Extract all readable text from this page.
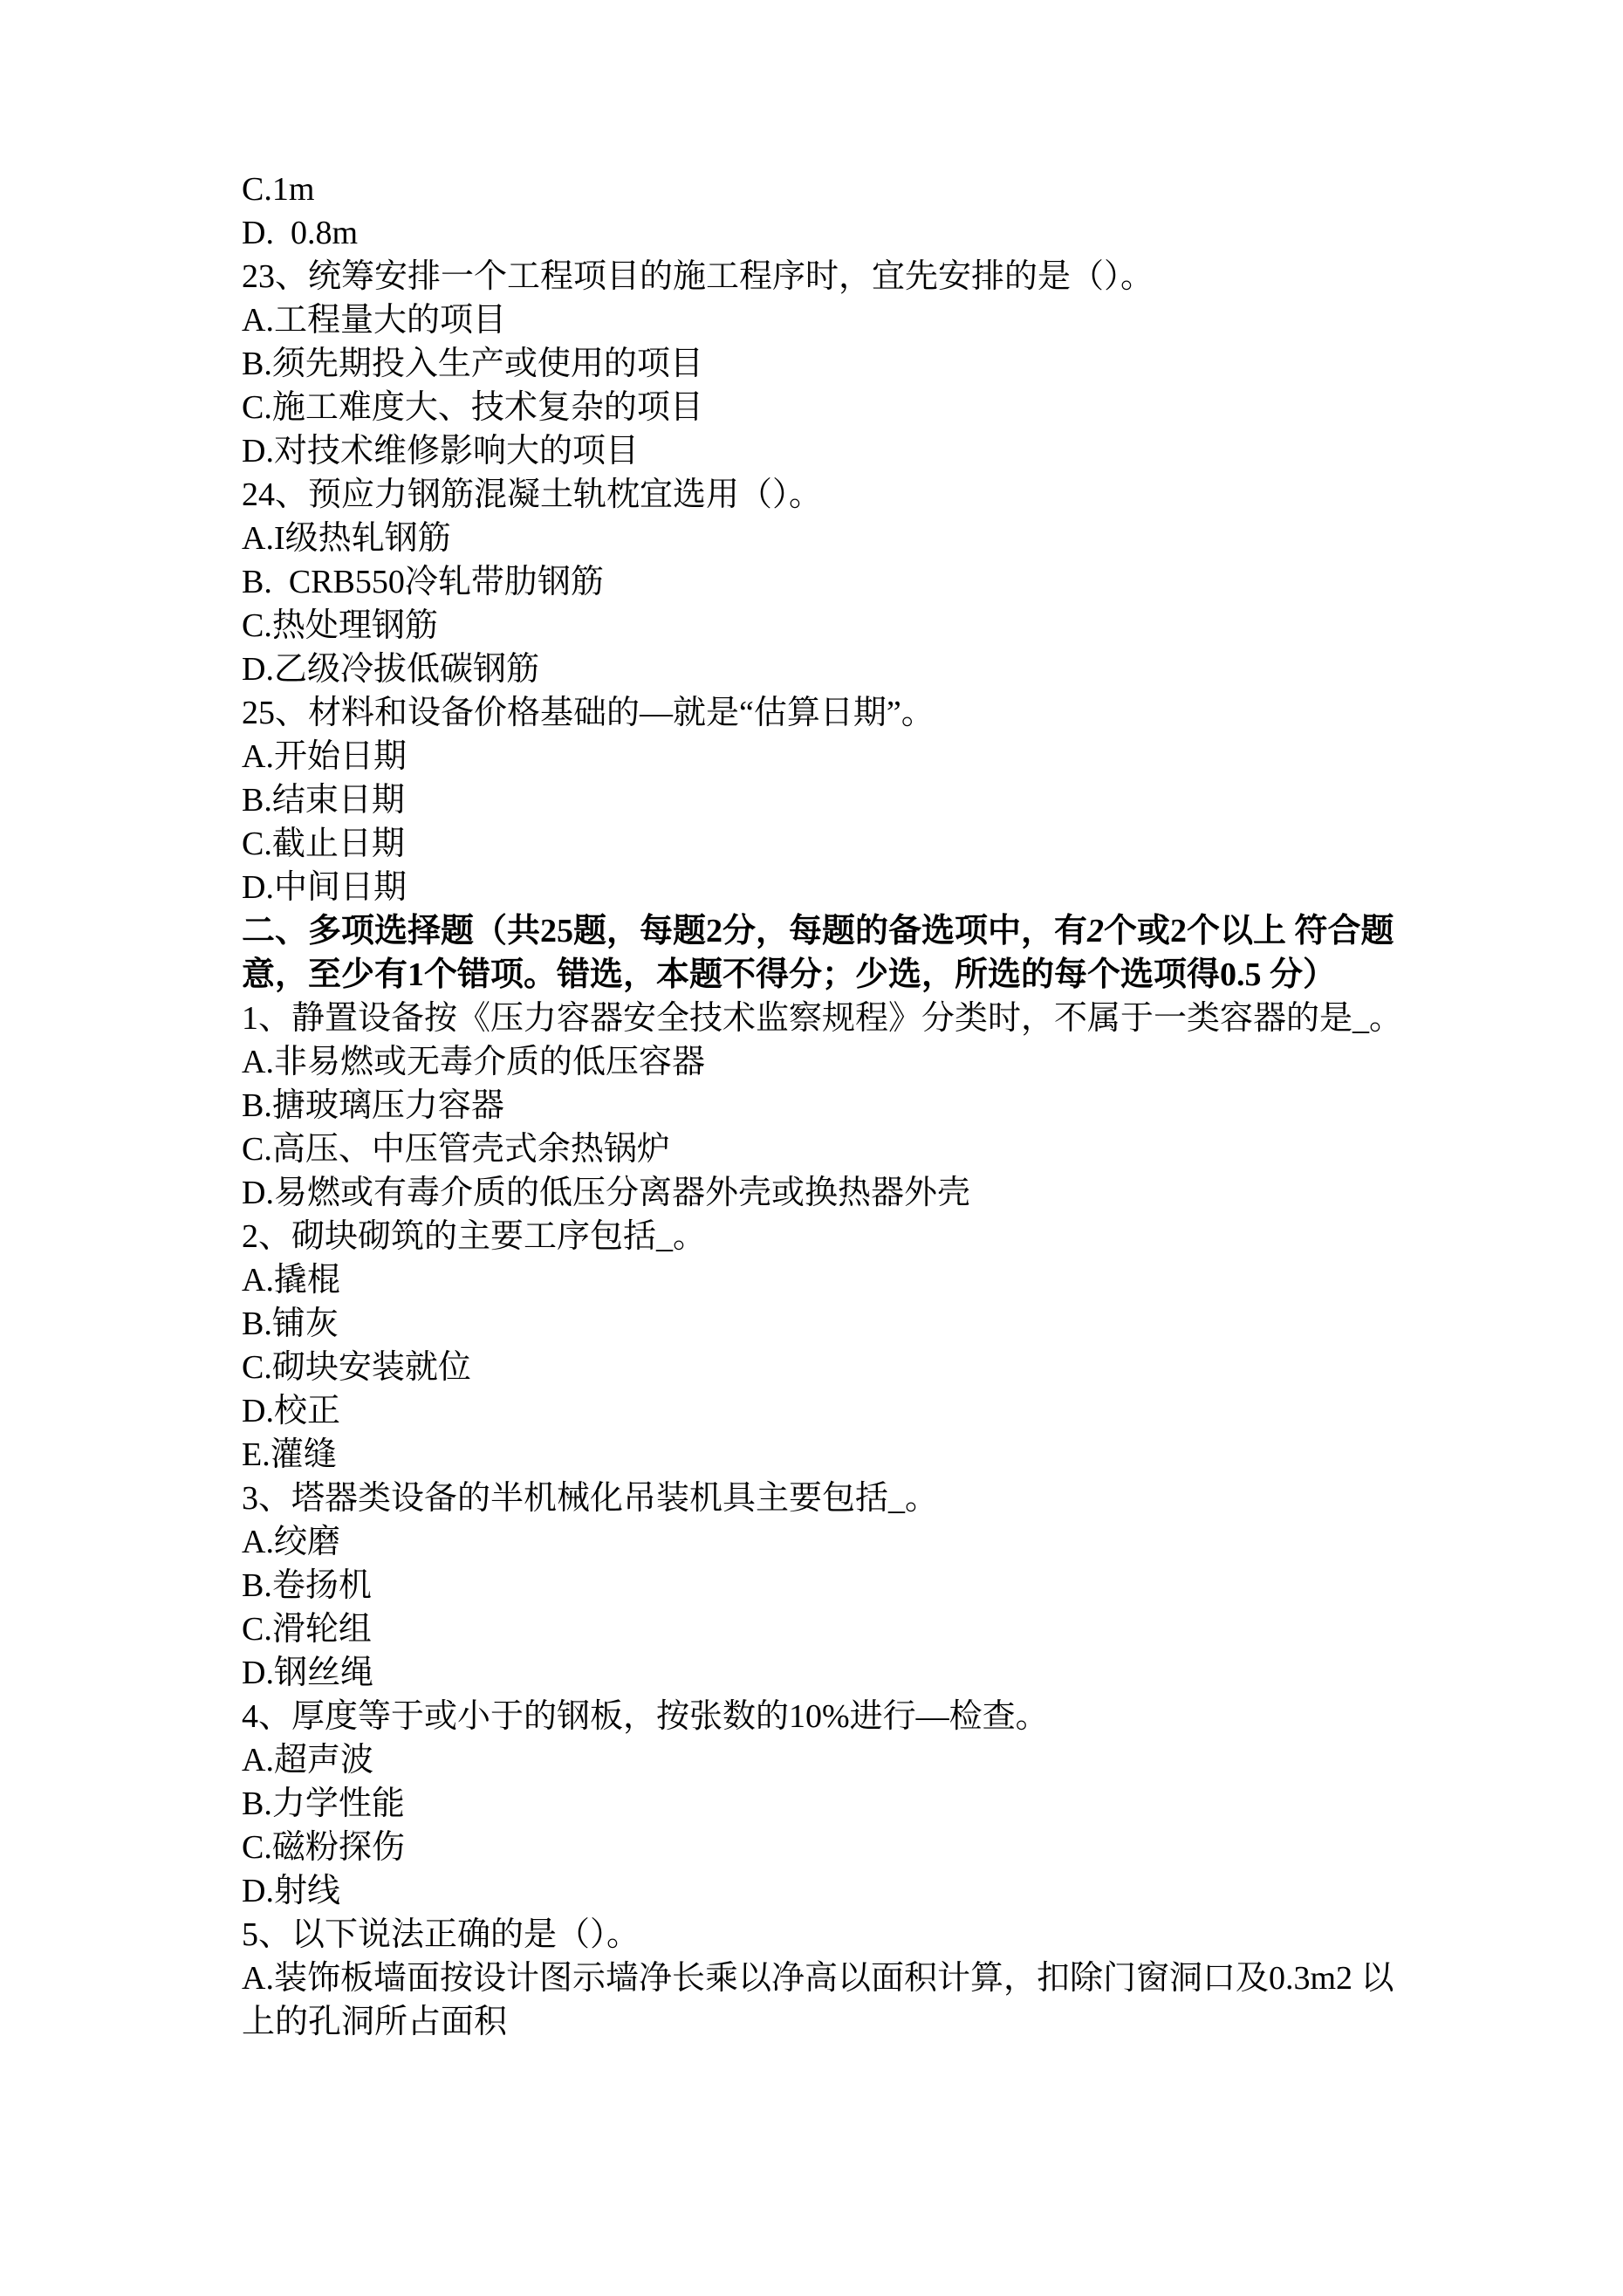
C.1m
D.  0.8m
23、统筹安排一个工程项目的施工程序时，宜先安排的是（）。
A.工程量大的项目
B.须先期投入生产或使用的项目
C.施工难度大、技术复杂的项目
D.对技术维修影响大的项目
24、预应力钢筋混凝土轨枕宜选用（）。
A.I级热轧钢筋
B.  CRB550冷轧带肋钢筋
C.热处理钢筋
D.乙级冷拔低碳钢筋
25、材料和设备价格基础的—就是“估算日期”。
A.开始日期
B.结束日期
C.截止日期
D.中间日期
二、多项选择题（共25题，每题2分，每题的备选项中，有2个或2个以上 符合题
意，至少有1个错项。错选，本题不得分；少选，所选的每个选项得0.5 分）
1、静置设备按《压力容器安全技术监察规程》分类时，不属于一类容器的是_。
A.非易燃或无毒介质的低压容器
B.搪玻璃压力容器
C.高压、中压管壳式余热锅炉
D.易燃或有毒介质的低压分离器外壳或换热器外壳
2、砌块砌筑的主要工序包括_。
A.撬棍
B.铺灰
C.砌块安装就位
D.校正
E.灌缝
3、塔器类设备的半机械化吊装机具主要包括_。
A.绞磨
B.卷扬机
C.滑轮组
D.钢丝绳
4、厚度等于或小于的钢板，按张数的10%进行—检查。
A.超声波
B.力学性能
C.磁粉探伤
D.射线
5、以下说法正确的是（）。
A.装饰板墙面按设计图示墙净长乘以净高以面积计算，扣除门窗洞口及0.3m2 以
上的孔洞所占面积
